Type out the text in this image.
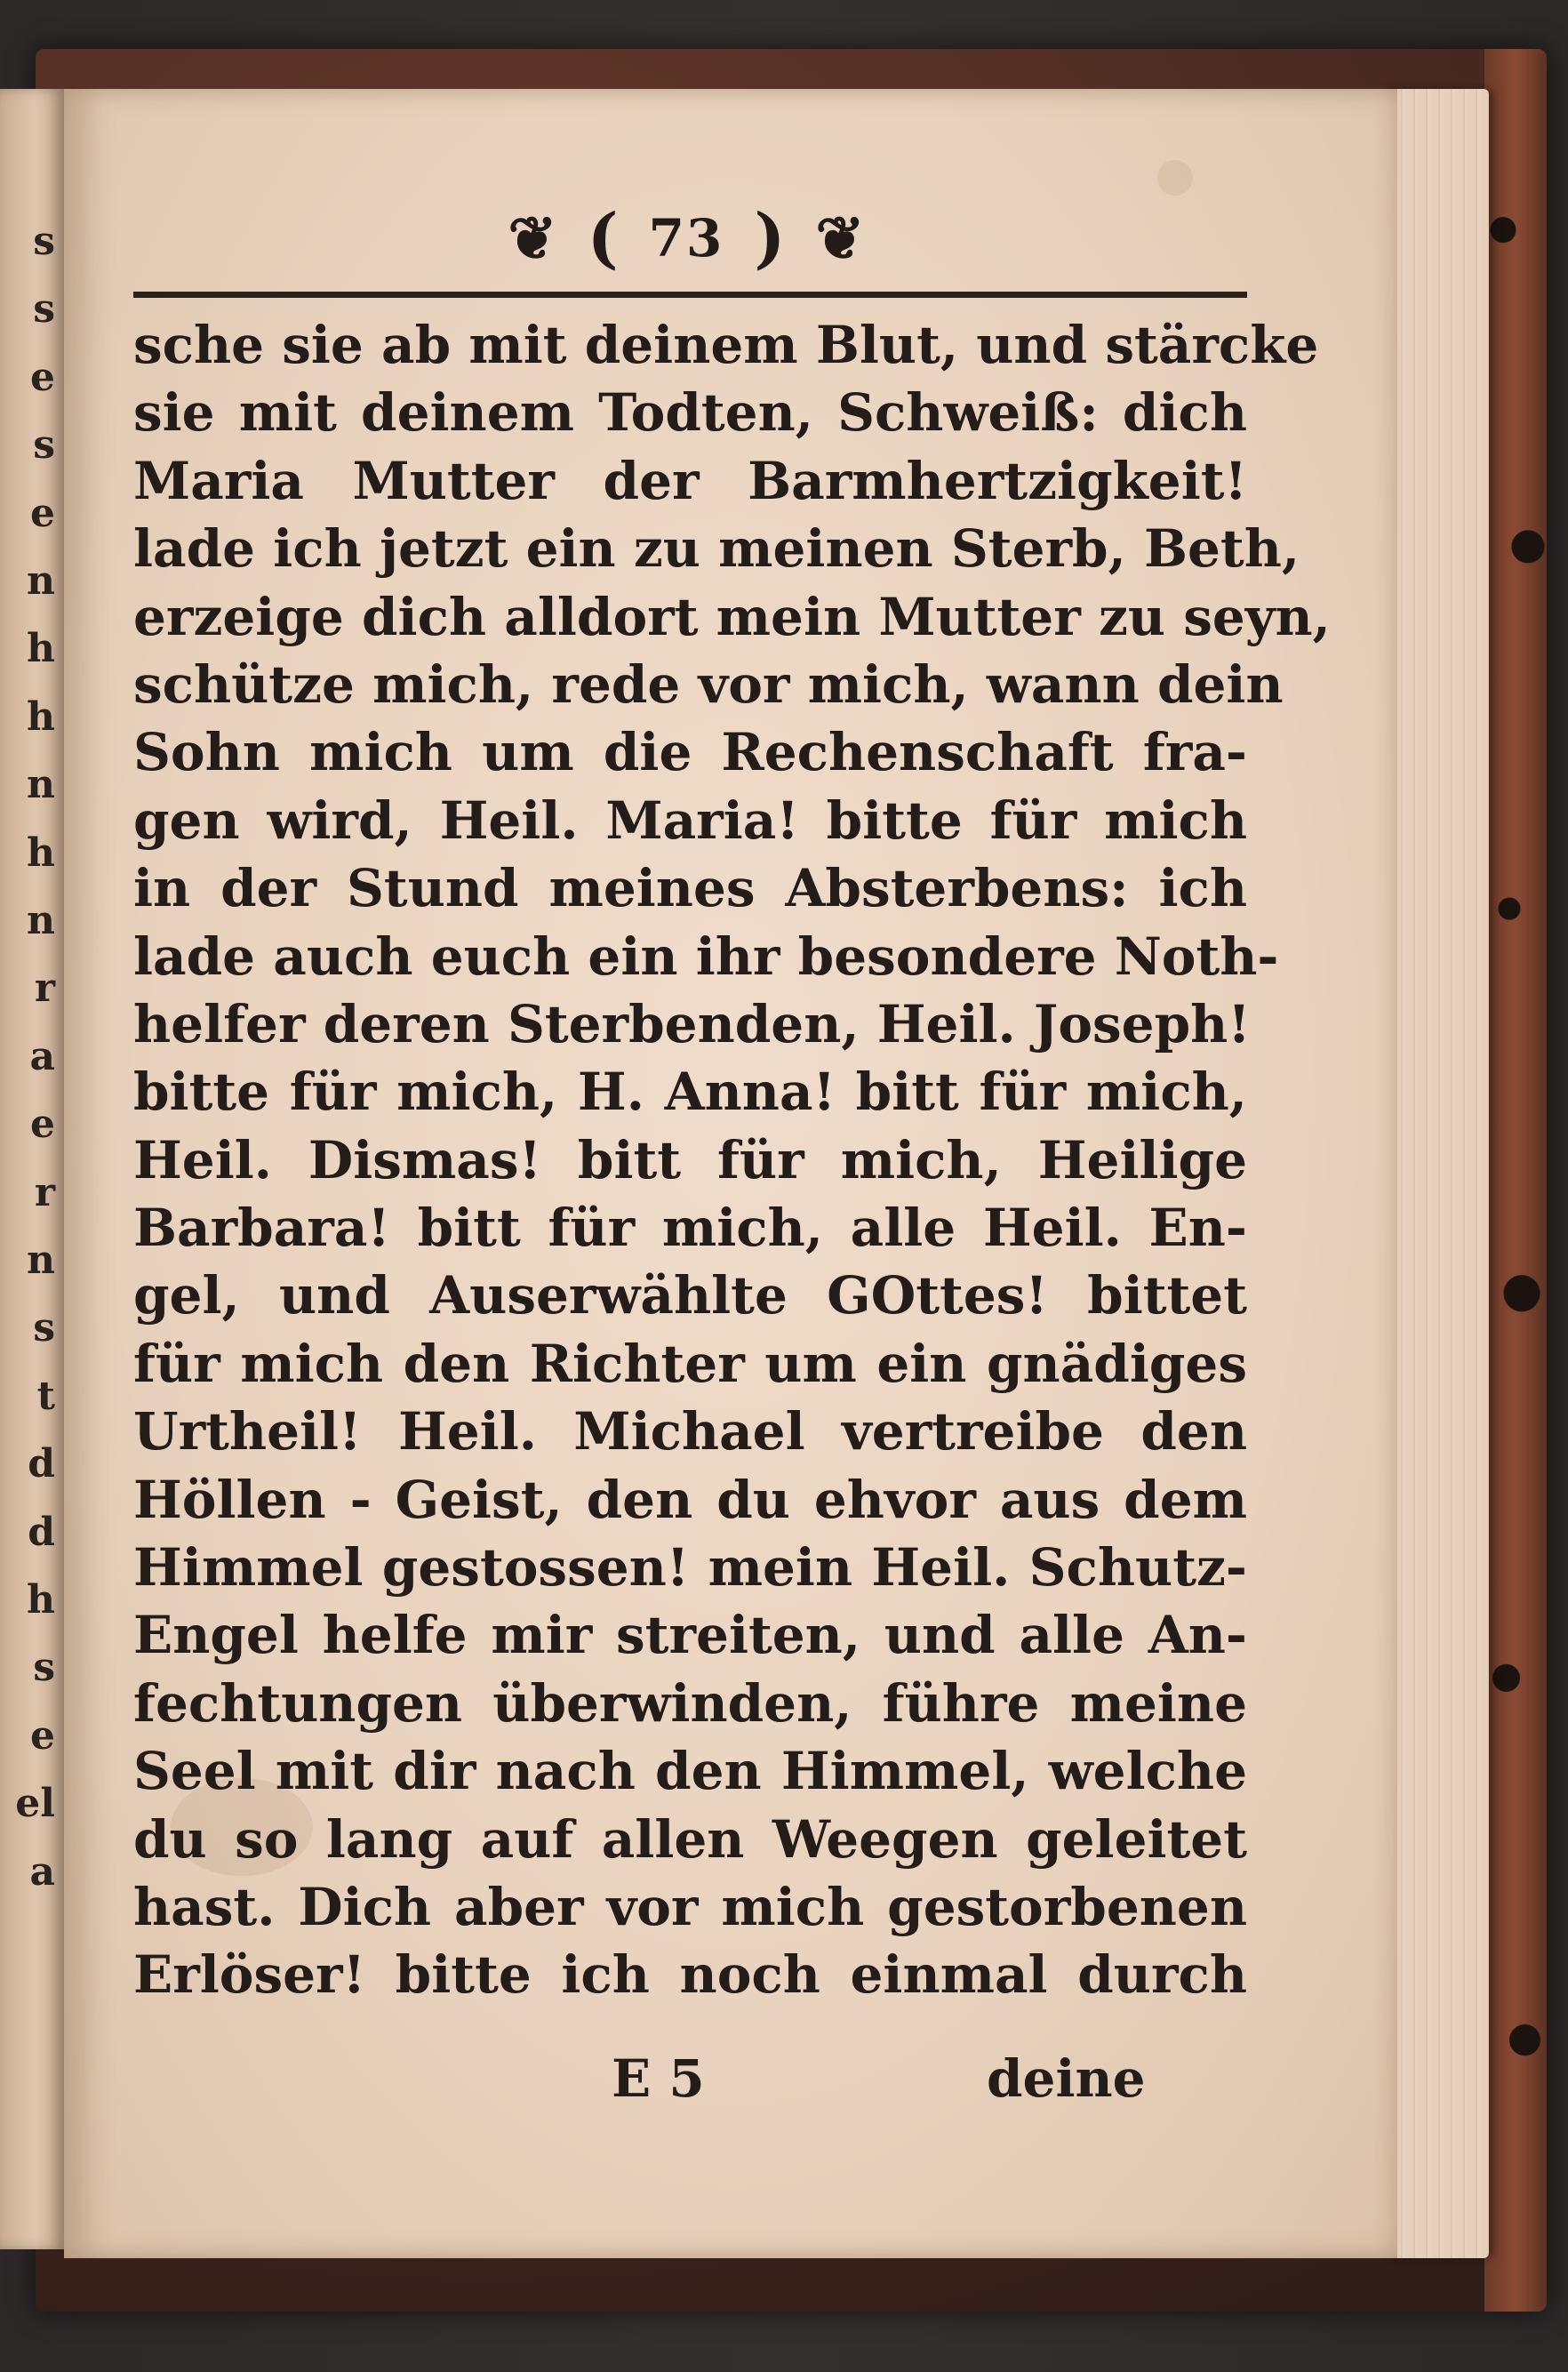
s
s
e
s
e
n
h
h
n
h
n
r
a
e
r
n
s
t
d
d
h
s
e
el
a
❦ ( 73 ) ❦
sche sie ab mit deinem Blut, und stärcke
sie mit deinem Todten, Schweiß: dich
Maria Mutter der Barmhertzigkeit!
lade ich jetzt ein zu meinen Sterb, Beth,
erzeige dich alldort mein Mutter zu seyn,
schütze mich, rede vor mich, wann dein
Sohn mich um die Rechenschaft fra-
gen wird, Heil. Maria! bitte für mich
in der Stund meines Absterbens: ich
lade auch euch ein ihr besondere Noth-
helfer deren Sterbenden, Heil. Joseph!
bitte für mich, H. Anna! bitt für mich,
Heil. Dismas! bitt für mich, Heilige
Barbara! bitt für mich, alle Heil. En-
gel, und Auserwählte GOttes! bittet
für mich den Richter um ein gnädiges
Urtheil! Heil. Michael vertreibe den
Höllen - Geist, den du ehvor aus dem
Himmel gestossen! mein Heil. Schutz-
Engel helfe mir streiten, und alle An-
fechtungen überwinden, führe meine
Seel mit dir nach den Himmel, welche
du so lang auf allen Weegen geleitet
hast. Dich aber vor mich gestorbenen
Erlöser! bitte ich noch einmal durch
E 5	deine
